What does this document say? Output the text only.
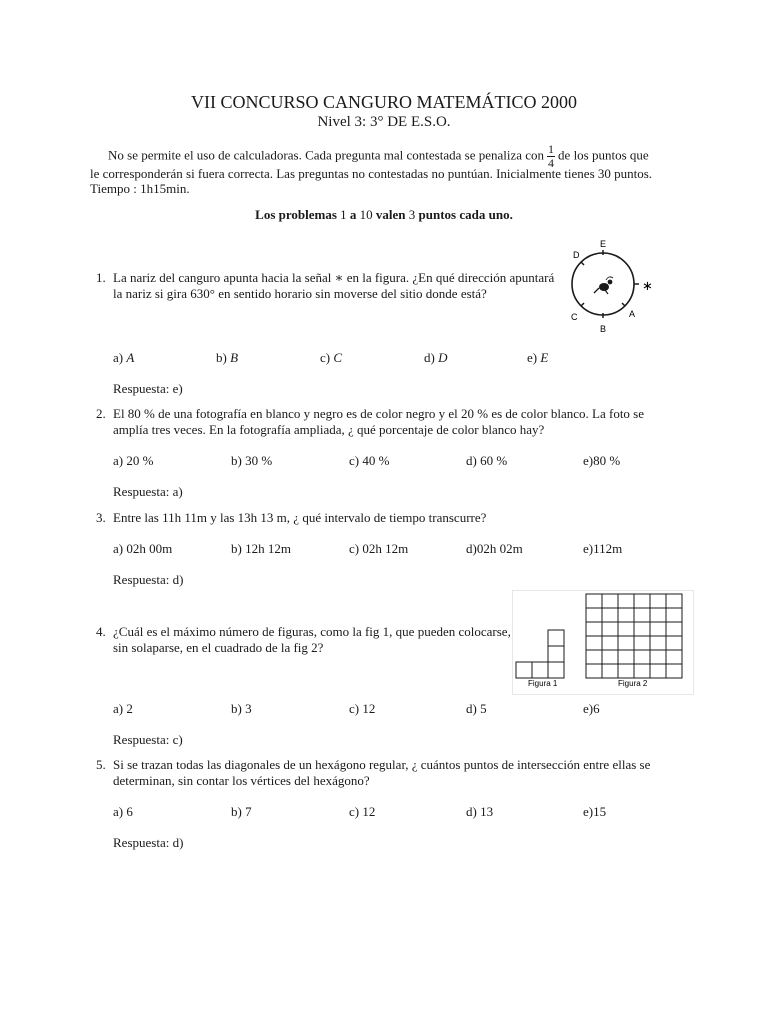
VII CONCURSO CANGURO MATEMÁTICO 2000
Nivel 3: 3° DE E.S.O.
No se permite el uso de calculadoras. Cada pregunta mal contestada se penaliza con $\frac{1}{4}$ de los puntos que
le corresponderán si fuera correcta. Las preguntas no contestadas no puntúan. Inicialmente tienes 30 puntos.
Tiempo : 1h15min.
Los problemas 1 a 10 valen 3 puntos cada uno.
1. La nariz del canguro apunta hacia la señal ∗ en la figura. ¿En qué dirección apuntará
la nariz si gira 630° en sentido horario sin moverse del sitio donde está?
E
D
∗
C
B
A
a) A	b) B	c) C	d) D	e) E
Respuesta: e)
2. El 80 % de una fotografía en blanco y negro es de color negro y el 20 % es de color blanco. La foto se
amplía tres veces. En la fotografía ampliada, ¿ qué porcentaje de color blanco hay?
a) 20 %	b) 30 %	c) 40 %	d) 60 %	e)80 %
Respuesta: a)
3. Entre las 11h 11m y las 13h 13 m, ¿ qué intervalo de tiempo transcurre?
a) 02h 00m	b) 12h 12m	c) 02h 12m	d)02h 02m	e)112m
Respuesta: d)
4. ¿Cuál es el máximo número de figuras, como la fig 1, que pueden colocarse,
sin solaparse, en el cuadrado de la fig 2?
Figura 1	Figura 2
a) 2	b) 3	c) 12	d) 5	e)6
Respuesta: c)
5. Si se trazan todas las diagonales de un hexágono regular, ¿ cuántos puntos de intersección entre ellas se
determinan, sin contar los vértices del hexágono?
a) 6	b) 7	c) 12	d) 13	e)15
Respuesta: d)
